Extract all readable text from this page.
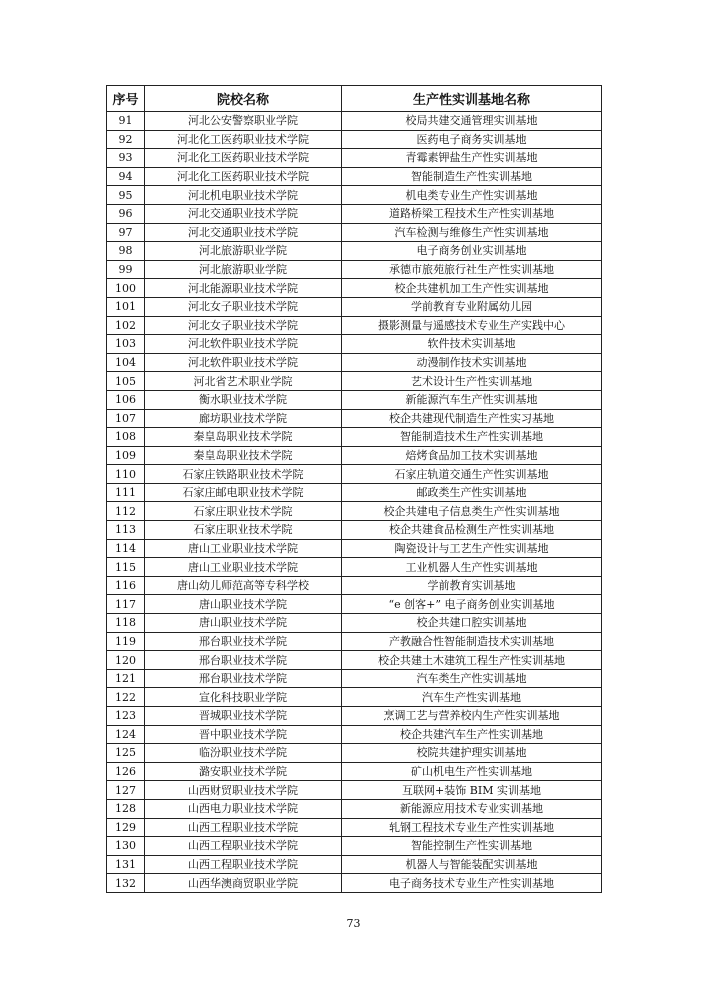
序号	院校名称	生产性实训基地名称
91	河北公安警察职业学院	校局共建交通管理实训基地
92	河北化工医药职业技术学院	医药电子商务实训基地
93	河北化工医药职业技术学院	青霉素钾盐生产性实训基地
94	河北化工医药职业技术学院	智能制造生产性实训基地
95	河北机电职业技术学院	机电类专业生产性实训基地
96	河北交通职业技术学院	道路桥梁工程技术生产性实训基地
97	河北交通职业技术学院	汽车检测与维修生产性实训基地
98	河北旅游职业学院	电子商务创业实训基地
99	河北旅游职业学院	承德市旅苑旅行社生产性实训基地
100	河北能源职业技术学院	校企共建机加工生产性实训基地
101	河北女子职业技术学院	学前教育专业附属幼儿园
102	河北女子职业技术学院	摄影测量与遥感技术专业生产实践中心
103	河北软件职业技术学院	软件技术实训基地
104	河北软件职业技术学院	动漫制作技术实训基地
105	河北省艺术职业学院	艺术设计生产性实训基地
106	衡水职业技术学院	新能源汽车生产性实训基地
107	廊坊职业技术学院	校企共建现代制造生产性实习基地
108	秦皇岛职业技术学院	智能制造技术生产性实训基地
109	秦皇岛职业技术学院	焙烤食品加工技术实训基地
110	石家庄铁路职业技术学院	石家庄轨道交通生产性实训基地
111	石家庄邮电职业技术学院	邮政类生产性实训基地
112	石家庄职业技术学院	校企共建电子信息类生产性实训基地
113	石家庄职业技术学院	校企共建食品检测生产性实训基地
114	唐山工业职业技术学院	陶瓷设计与工艺生产性实训基地
115	唐山工业职业技术学院	工业机器人生产性实训基地
116	唐山幼儿师范高等专科学校	学前教育实训基地
117	唐山职业技术学院	“e 创客+” 电子商务创业实训基地
118	唐山职业技术学院	校企共建口腔实训基地
119	邢台职业技术学院	产教融合性智能制造技术实训基地
120	邢台职业技术学院	校企共建土木建筑工程生产性实训基地
121	邢台职业技术学院	汽车类生产性实训基地
122	宣化科技职业学院	汽车生产性实训基地
123	晋城职业技术学院	烹调工艺与营养校内生产性实训基地
124	晋中职业技术学院	校企共建汽车生产性实训基地
125	临汾职业技术学院	校院共建护理实训基地
126	潞安职业技术学院	矿山机电生产性实训基地
127	山西财贸职业技术学院	互联网+装饰 BIM 实训基地
128	山西电力职业技术学院	新能源应用技术专业实训基地
129	山西工程职业技术学院	轧钢工程技术专业生产性实训基地
130	山西工程职业技术学院	智能控制生产性实训基地
131	山西工程职业技术学院	机器人与智能装配实训基地
132	山西华澳商贸职业学院	电子商务技术专业生产性实训基地
73
